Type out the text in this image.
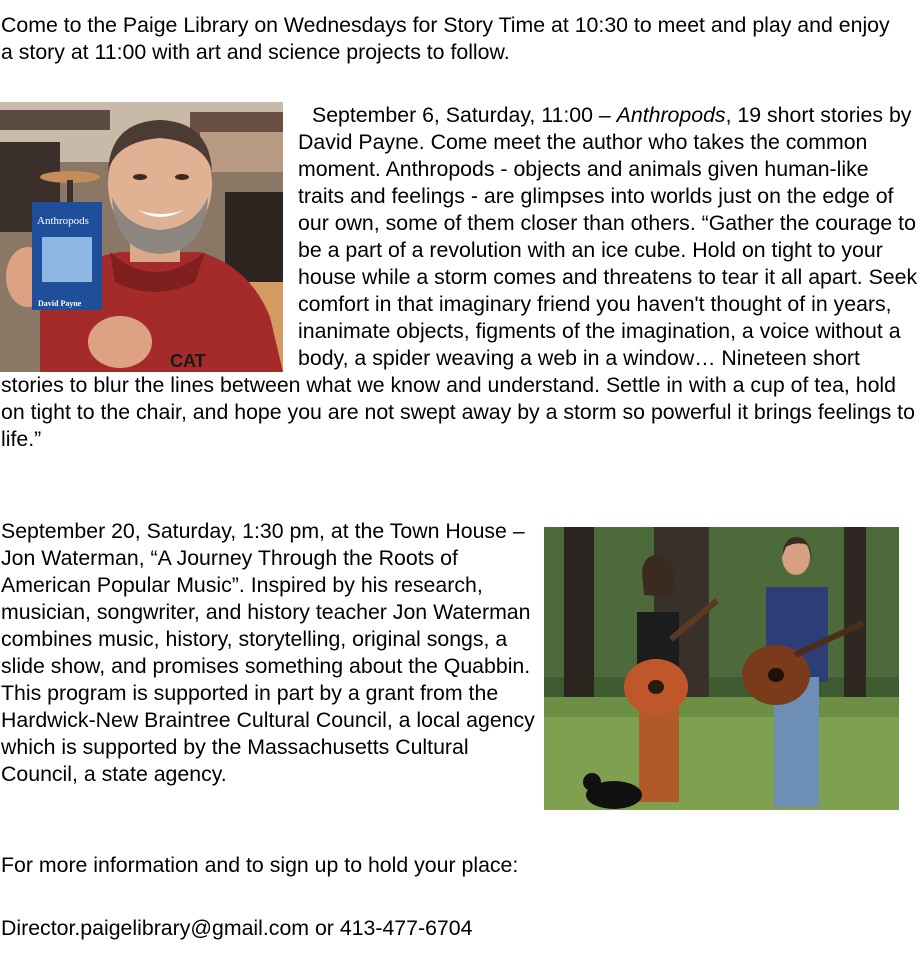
Come to the Paige Library on Wednesdays for Story Time at 10:30 to meet and play and enjoy a story at 11:00 with art and science projects to follow.

CAT
Anthropods
David Payne

September 6, Saturday, 11:00 – Anthropods, 19 short stories by David Payne. Come meet the author who takes the common moment. Anthropods - objects and animals given human-like traits and feelings - are glimpses into worlds just on the edge of our own, some of them closer than others. “Gather the courage to be a part of a revolution with an ice cube. Hold on tight to your house while a storm comes and threatens to tear it all apart. Seek comfort in that imaginary friend you haven't thought of in years, inanimate objects, figments of the imagination, a voice without a body, a spider weaving a web in a window… Nineteen short stories to blur the lines between what we know and understand. Settle in with a cup of tea, hold on tight to the chair, and hope you are not swept away by a storm so powerful it brings feelings to life.”

September 20, Saturday, 1:30 pm, at the Town House – Jon Waterman, “A Journey Through the Roots of American Popular Music”. Inspired by his research, musician, songwriter, and history teacher Jon Waterman combines music, history, storytelling, original songs, a slide show, and promises something about the Quabbin. This program is supported in part by a grant from the Hardwick-New Braintree Cultural Council, a local agency which is supported by the Massachusetts Cultural Council, a state agency.

For more information and to sign up to hold your place:

Director.paigelibrary@gmail.com or 413-477-6704
